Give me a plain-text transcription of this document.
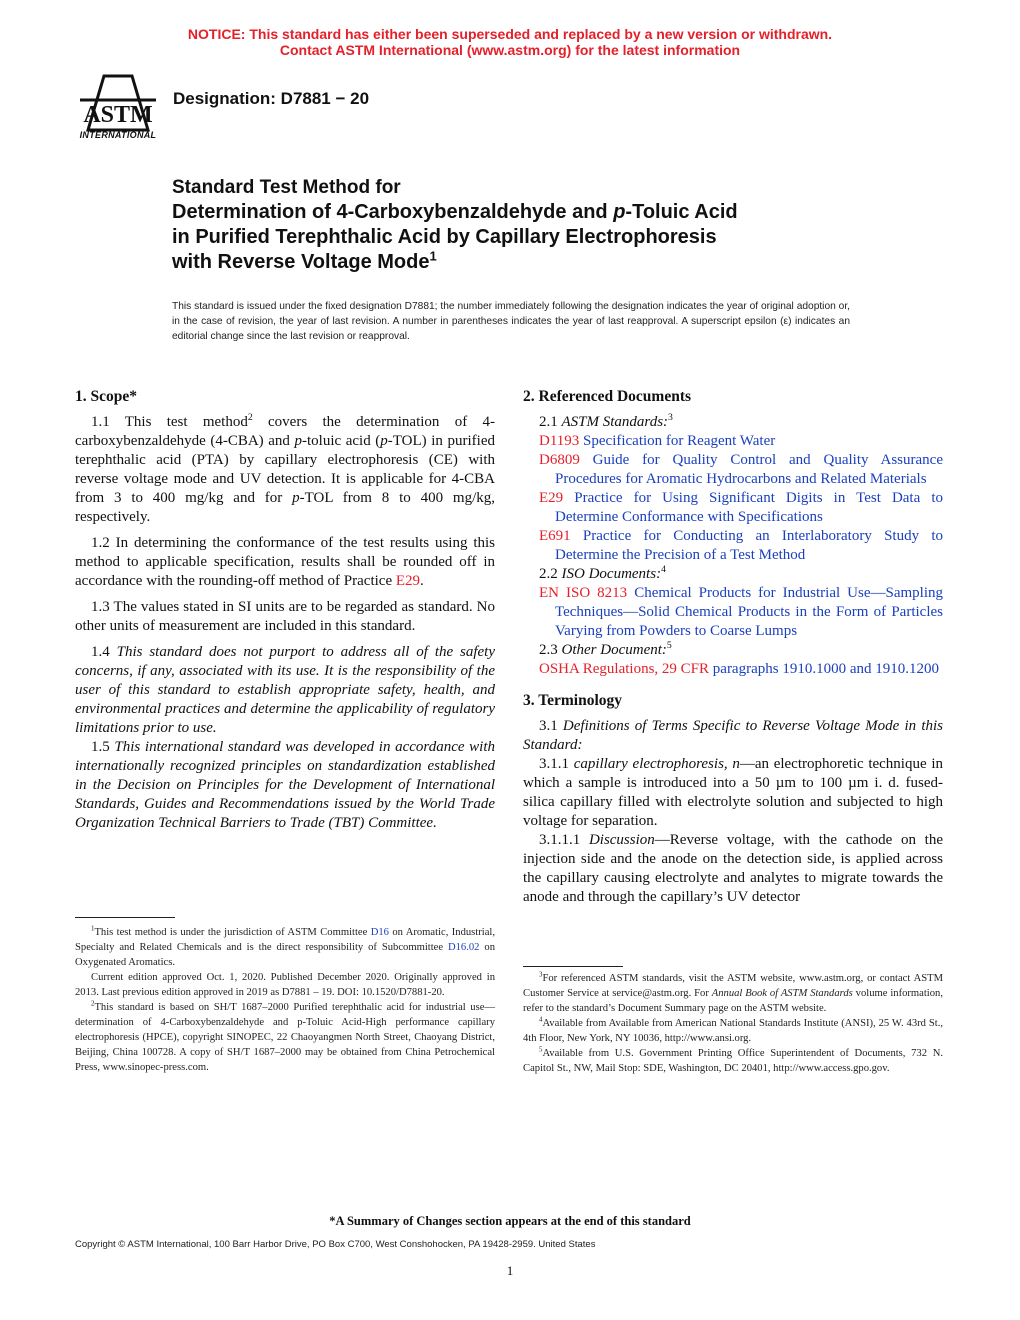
NOTICE: This standard has either been superseded and replaced by a new version or withdrawn.
Contact ASTM International (www.astm.org) for the latest information
ASTM
INTERNATIONAL
Designation: D7881 − 20
Standard Test Method for
Determination of 4-Carboxybenzaldehyde and p-Toluic Acid
in Purified Terephthalic Acid by Capillary Electrophoresis
with Reverse Voltage Mode$^1$
This standard is issued under the fixed designation D7881; the number immediately following the designation indicates the year of original adoption or, in the case of revision, the year of last revision. A number in parentheses indicates the year of last reapproval. A superscript epsilon (ε) indicates an editorial change since the last revision or reapproval.
1. Scope*

1.1 This test method$^2$ covers the determination of 4-carboxybenzaldehyde (4-CBA) and p-toluic acid (p-TOL) in purified terephthalic acid (PTA) by capillary electrophoresis (CE) with reverse voltage mode and UV detection. It is applicable for 4-CBA from 3 to 400 mg/kg and for p-TOL from 8 to 400 mg/kg, respectively.

1.2 In determining the conformance of the test results using this method to applicable specification, results shall be rounded off in accordance with the rounding-off method of Practice E29.

1.3 The values stated in SI units are to be regarded as standard. No other units of measurement are included in this standard.

1.4 This standard does not purport to address all of the safety concerns, if any, associated with its use. It is the responsibility of the user of this standard to establish appropriate safety, health, and environmental practices and determine the applicability of regulatory limitations prior to use.

1.5 This international standard was developed in accordance with internationally recognized principles on standardization established in the Decision on Principles for the Development of International Standards, Guides and Recommendations issued by the World Trade Organization Technical Barriers to Trade (TBT) Committee.

2. Referenced Documents

2.1 ASTM Standards:$^3$

D1193 Specification for Reagent Water

D6809 Guide for Quality Control and Quality Assurance Procedures for Aromatic Hydrocarbons and Related Materials

E29 Practice for Using Significant Digits in Test Data to Determine Conformance with Specifications

E691 Practice for Conducting an Interlaboratory Study to Determine the Precision of a Test Method

2.2 ISO Documents:$^4$

EN ISO 8213 Chemical Products for Industrial Use—Sampling Techniques—Solid Chemical Products in the Form of Particles Varying from Powders to Coarse Lumps

2.3 Other Document:$^5$

OSHA Regulations, 29 CFR paragraphs 1910.1000 and 1910.1200

3. Terminology

3.1 Definitions of Terms Specific to Reverse Voltage Mode in this Standard:

3.1.1 capillary electrophoresis, n—an electrophoretic technique in which a sample is introduced into a 50 µm to 100 µm i. d. fused-silica capillary filled with electrolyte solution and subjected to high voltage for separation.

3.1.1.1 Discussion—Reverse voltage, with the cathode on the injection side and the anode on the detection side, is applied across the capillary causing electrolyte and analytes to migrate towards the anode and through the capillary’s UV detector

$^1$This test method is under the jurisdiction of ASTM Committee D16 on Aromatic, Industrial, Specialty and Related Chemicals and is the direct responsibility of Subcommittee D16.02 on Oxygenated Aromatics.

Current edition approved Oct. 1, 2020. Published December 2020. Originally approved in 2013. Last previous edition approved in 2019 as D7881 – 19. DOI: 10.1520/D7881-20.

$^2$This standard is based on SH/T 1687–2000 Purified terephthalic acid for industrial use—determination of 4-Carboxybenzaldehyde and p-Toluic Acid-High performance capillary electrophoresis (HPCE), copyright SINOPEC, 22 Chaoyangmen North Street, Chaoyang District, Beijing, China 100728. A copy of SH/T 1687–2000 may be obtained from China Petrochemical Press, www.sinopec-press.com.

$^3$For referenced ASTM standards, visit the ASTM website, www.astm.org, or contact ASTM Customer Service at service@astm.org. For Annual Book of ASTM Standards volume information, refer to the standard’s Document Summary page on the ASTM website.

$^4$Available from Available from American National Standards Institute (ANSI), 25 W. 43rd St., 4th Floor, New York, NY 10036, http://www.ansi.org.

$^5$Available from U.S. Government Printing Office Superintendent of Documents, 732 N. Capitol St., NW, Mail Stop: SDE, Washington, DC 20401, http://www.access.gpo.gov.

*A Summary of Changes section appears at the end of this standard
Copyright © ASTM International, 100 Barr Harbor Drive, PO Box C700, West Conshohocken, PA 19428-2959. United States
1
